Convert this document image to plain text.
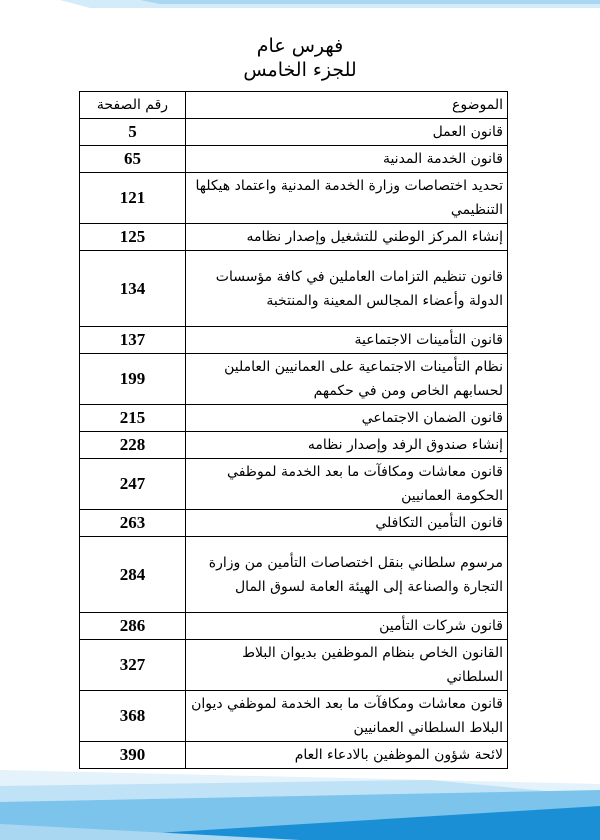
فهرس عام
للجزء الخامس
الموضوع	رقم الصفحة
قانون العمل	5
قانون الخدمة المدنية	65
تحديد اختصاصات وزارة الخدمة المدنية واعتماد هيكلها التنظيمي	121
إنشاء المركز الوطني للتشغيل وإصدار نظامه	125
قانون تنظيم التزامات العاملين في كافة مؤسسات الدولة وأعضاء المجالس المعينة والمنتخبة	134
قانون التأمينات الاجتماعية	137
نظام التأمينات الاجتماعية على العمانيين العاملين لحسابهم الخاص ومن في حكمهم	199
قانون الضمان الاجتماعي	215
إنشاء صندوق الرفد وإصدار نظامه	228
قانون معاشات ومكافآت ما بعد الخدمة لموظفي الحكومة العمانيين	247
قانون التأمين التكافلي	263
مرسوم سلطاني بنقل اختصاصات التأمين من وزارة التجارة والصناعة إلى الهيئة العامة لسوق المال	284
قانون شركات التأمين	286
القانون الخاص بنظام الموظفين بديوان البلاط السلطاني	327
قانون معاشات ومكافآت ما بعد الخدمة لموظفي ديوان البلاط السلطاني العمانيين	368
لائحة شؤون الموظفين بالادعاء العام	390
